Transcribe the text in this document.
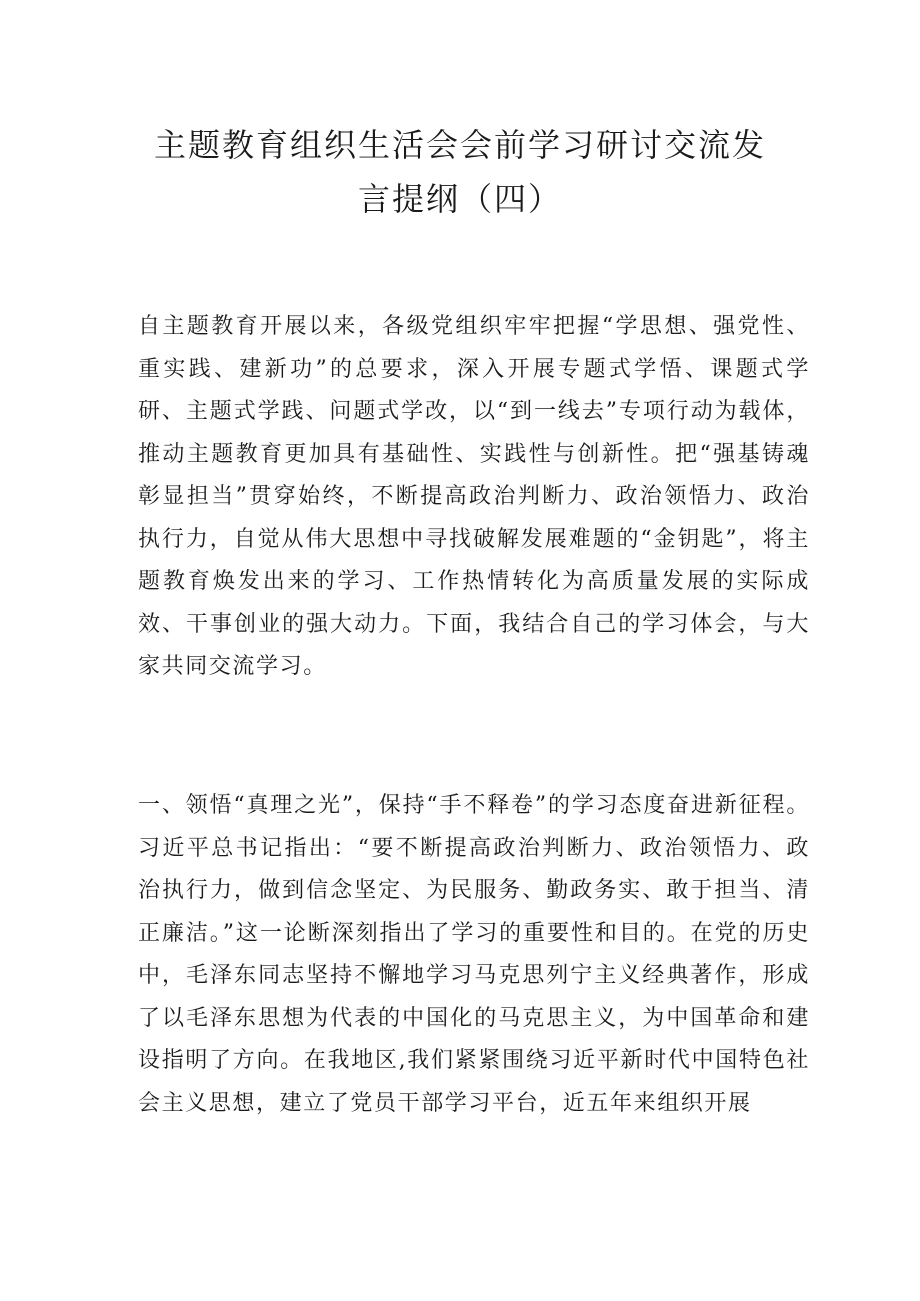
主题教育组织生活会会前学习研讨交流发
言提纲（四）

自主题教育开展以来，各级党组织牢牢把握“学思想、强党性、重实践、建新功”的总要求，深入开展专题式学悟、课题式学研、主题式学践、问题式学改，以“到一线去”专项行动为载体，推动主题教育更加具有基础性、实践性与创新性。把“强基铸魂彰显担当”贯穿始终，不断提高政治判断力、政治领悟力、政治执行力，自觉从伟大思想中寻找破解发展难题的“金钥匙”，将主题教育焕发出来的学习、工作热情转化为高质量发展的实际成效、干事创业的强大动力。下面，我结合自己的学习体会，与大家共同交流学习。

一、领悟“真理之光”，保持“手不释卷”的学习态度奋进新征程。习近平总书记指出：“要不断提高政治判断力、政治领悟力、政治执行力，做到信念坚定、为民服务、勤政务实、敢于担当、清正廉洁。”这一论断深刻指出了学习的重要性和目的。在党的历史中，毛泽东同志坚持不懈地学习马克思列宁主义经典著作，形成了以毛泽东思想为代表的中国化的马克思主义，为中国革命和建设指明了方向。在我地区,我们紧紧围绕习近平新时代中国特色社会主义思想，建立了党员干部学习平台，近五年来组织开展
